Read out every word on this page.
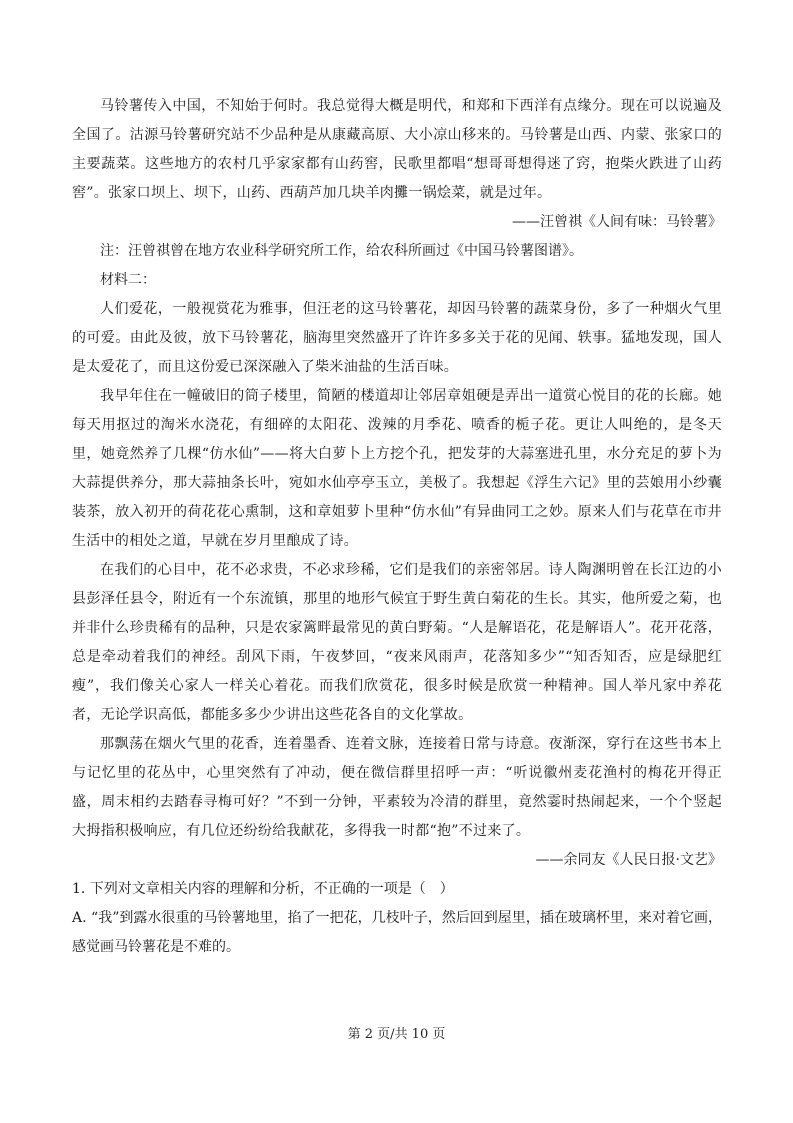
马铃薯传入中国，不知始于何时。我总觉得大概是明代，和郑和下西洋有点缘分。现在可以说遍及全国了。沽源马铃薯研究站不少品种是从康藏高原、大小凉山移来的。马铃薯是山西、内蒙、张家口的主要蔬菜。这些地方的农村几乎家家都有山药窖，民歌里都唱“想哥哥想得迷了窍，抱柴火跌进了山药窖”。张家口坝上、坝下，山药、西葫芦加几块羊肉攤一锅烩菜，就是过年。

——汪曾祺《人间有味：马铃薯》

注：汪曾祺曾在地方农业科学研究所工作，给农科所画过《中国马铃薯图谱》。

材料二：

人们爱花，一般视赏花为雅事，但汪老的这马铃薯花，却因马铃薯的蔬菜身份，多了一种烟火气里的可爱。由此及彼，放下马铃薯花，脑海里突然盛开了许许多多关于花的见闻、轶事。猛地发现，国人是太爱花了，而且这份爱已深深融入了柴米油盐的生活百味。

我早年住在一幢破旧的筒子楼里，简陋的楼道却让邻居章姐硬是弄出一道赏心悦目的花的长廊。她每天用抠过的淘米水浇花，有细碎的太阳花、泼辣的月季花、喷香的栀子花。更让人叫绝的，是冬天里，她竟然养了几棵“仿水仙”——将大白萝卜上方挖个孔，把发芽的大蒜塞进孔里，水分充足的萝卜为大蒜提供养分，那大蒜抽条长叶，宛如水仙亭亭玉立，美极了。我想起《浮生六记》里的芸娘用小纱囊装茶，放入初开的荷花花心熏制，这和章姐萝卜里种“仿水仙”有异曲同工之妙。原来人们与花草在市井生活中的相处之道，早就在岁月里酿成了诗。

在我们的心目中，花不必求贵，不必求珍稀，它们是我们的亲密邻居。诗人陶渊明曾在长江边的小县彭泽任县令，附近有一个东流镇，那里的地形气候宜于野生黄白菊花的生长。其实，他所爱之菊，也并非什么珍贵稀有的品种，只是农家篱畔最常见的黄白野菊。“人是解语花，花是解语人”。花开花落，总是牵动着我们的神经。刮风下雨，午夜梦回，“夜来风雨声，花落知多少”“知否知否，应是绿肥红瘦”，我们像关心家人一样关心着花。而我们欣赏花，很多时候是欣赏一种精神。国人举凡家中养花者，无论学识高低，都能多多少少讲出这些花各自的文化掌故。

那飘荡在烟火气里的花香，连着墨香、连着文脉，连接着日常与诗意。夜渐深，穿行在这些书本上与记忆里的花丛中，心里突然有了冲动，便在微信群里招呼一声：“听说徽州麦花渔村的梅花开得正盛，周末相约去踏春寻梅可好？”不到一分钟，平素较为冷清的群里，竟然霎时热闹起来，一个个竖起大拇指积极响应，有几位还纷纷给我献花，多得我一时都“抱”不过来了。

——余同友《人民日报·文艺》

1. 下列对文章相关内容的理解和分析，不正确的一项是（　）

A. “我”到露水很重的马铃薯地里，掐了一把花，几枝叶子，然后回到屋里，插在玻璃杯里，来对着它画，感觉画马铃薯花是不难的。

第 2 页/共 10 页
